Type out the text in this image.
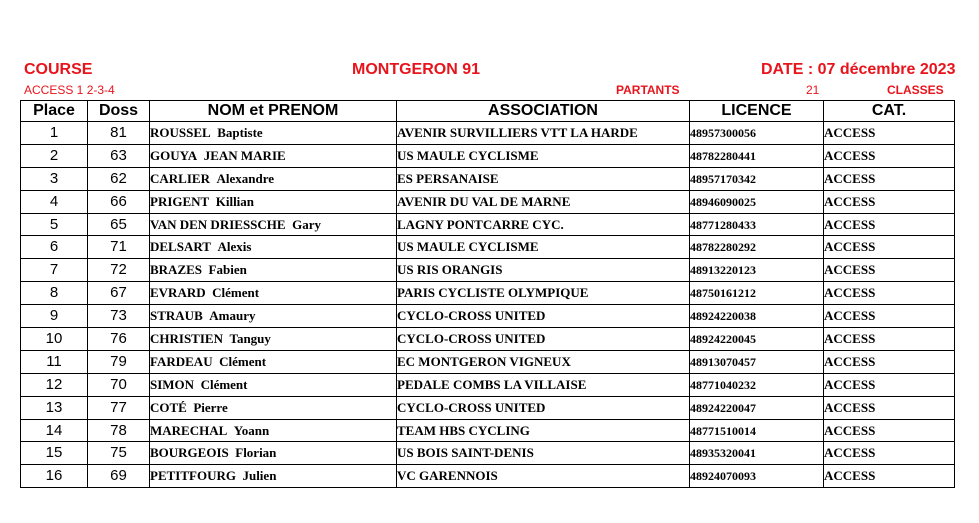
COURSE	MONTGERON 91	DATE : 07 décembre 2023
ACCESS 1 2-3-4	PARTANTS	21	CLASSES
Place	Doss	NOM et PRENOM	ASSOCIATION	LICENCE	CAT.
1	81	ROUSSEL Baptiste	AVENIR SURVILLIERS VTT LA HARDE	48957300056	ACCESS
2	63	GOUYA JEAN MARIE	US MAULE CYCLISME	48782280441	ACCESS
3	62	CARLIER Alexandre	ES PERSANAISE	48957170342	ACCESS
4	66	PRIGENT Killian	AVENIR DU VAL DE MARNE	48946090025	ACCESS
5	65	VAN DEN DRIESSCHE Gary	LAGNY PONTCARRE CYC.	48771280433	ACCESS
6	71	DELSART Alexis	US MAULE CYCLISME	48782280292	ACCESS
7	72	BRAZES Fabien	US RIS ORANGIS	48913220123	ACCESS
8	67	EVRARD Clément	PARIS CYCLISTE OLYMPIQUE	48750161212	ACCESS
9	73	STRAUB Amaury	CYCLO-CROSS UNITED	48924220038	ACCESS
10	76	CHRISTIEN Tanguy	CYCLO-CROSS UNITED	48924220045	ACCESS
11	79	FARDEAU Clément	EC MONTGERON VIGNEUX	48913070457	ACCESS
12	70	SIMON Clément	PEDALE COMBS LA VILLAISE	48771040232	ACCESS
13	77	COTÉ Pierre	CYCLO-CROSS UNITED	48924220047	ACCESS
14	78	MARECHAL Yoann	TEAM HBS CYCLING	48771510014	ACCESS
15	75	BOURGEOIS Florian	US BOIS SAINT-DENIS	48935320041	ACCESS
16	69	PETITFOURG Julien	VC GARENNOIS	48924070093	ACCESS
